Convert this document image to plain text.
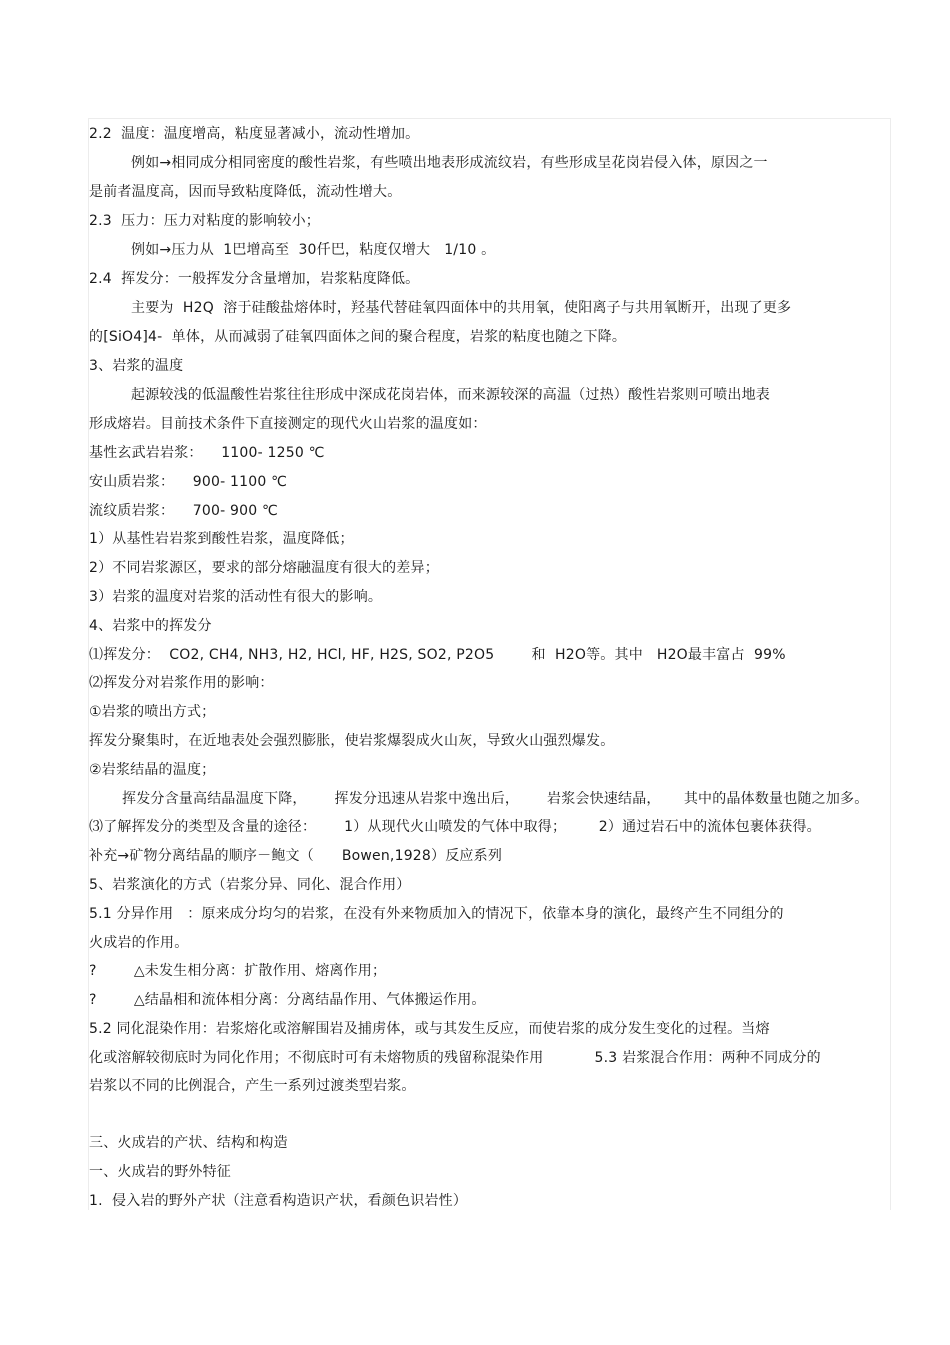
2.2  温度：温度增高，粘度显著减小，流动性增加。
例如→相同成分相同密度的酸性岩浆，有些喷出地表形成流纹岩，有些形成呈花岗岩侵入体，原因之一
是前者温度高，因而导致粘度降低，流动性增大。
2.3  压力：压力对粘度的影响较小；
例如→压力从  1巴增高至  30仟巴，粘度仅增大   1/10 。
2.4  挥发分：一般挥发分含量增加，岩浆粘度降低。
主要为  H2Q  溶于硅酸盐熔体时，羟基代替硅氧四面体中的共用氧，使阳离子与共用氧断开，出现了更多
的[SiO4]4-  单体，从而减弱了硅氧四面体之间的聚合程度，岩浆的粘度也随之下降。
3、岩浆的温度
起源较浅的低温酸性岩浆往往形成中深成花岗岩体，而来源较深的高温（过热）酸性岩浆则可喷出地表
形成熔岩。目前技术条件下直接测定的现代火山岩浆的温度如：
基性玄武岩岩浆：    1100- 1250 ℃
安山质岩浆：    900- 1100 ℃
流纹质岩浆：    700- 900 ℃
1）从基性岩岩浆到酸性岩浆，温度降低；
2）不同岩浆源区，要求的部分熔融温度有很大的差异；
3）岩浆的温度对岩浆的活动性有很大的影响。
4、岩浆中的挥发分
⑴挥发分：  CO2, CH4, NH3, H2, HCl, HF, H2S, SO2, P2O5        和  H2O等。其中   H2O最丰富占  99%
⑵挥发分对岩浆作用的影响：
①岩浆的喷出方式；
挥发分聚集时，在近地表处会强烈膨胀，使岩浆爆裂成火山灰，导致火山强烈爆发。
②岩浆结晶的温度；
挥发分含量高结晶温度下降，      挥发分迅速从岩浆中逸出后，      岩浆会快速结晶，     其中的晶体数量也随之加多。
⑶了解挥发分的类型及含量的途径：      1）从现代火山喷发的气体中取得；       2）通过岩石中的流体包裹体获得。
补充→矿物分离结晶的顺序－鲍文（      Bowen,1928）反应系列
5、岩浆演化的方式（岩浆分异、同化、混合作用）
5.1 分异作用   ：原来成分均匀的岩浆，在没有外来物质加入的情况下，依靠本身的演化，最终产生不同组分的
火成岩的作用。
?        △未发生相分离：扩散作用、熔离作用；
?        △结晶相和流体相分离：分离结晶作用、气体搬运作用。
5.2 同化混染作用：岩浆熔化或溶解围岩及捕虏体，或与其发生反应，而使岩浆的成分发生变化的过程。当熔
化或溶解较彻底时为同化作用；不彻底时可有未熔物质的残留称混染作用           5.3 岩浆混合作用：两种不同成分的
岩浆以不同的比例混合，产生一系列过渡类型岩浆。
三、火成岩的产状、结构和构造
一、火成岩的野外特征
1.  侵入岩的野外产状（注意看构造识产状，看颜色识岩性）
